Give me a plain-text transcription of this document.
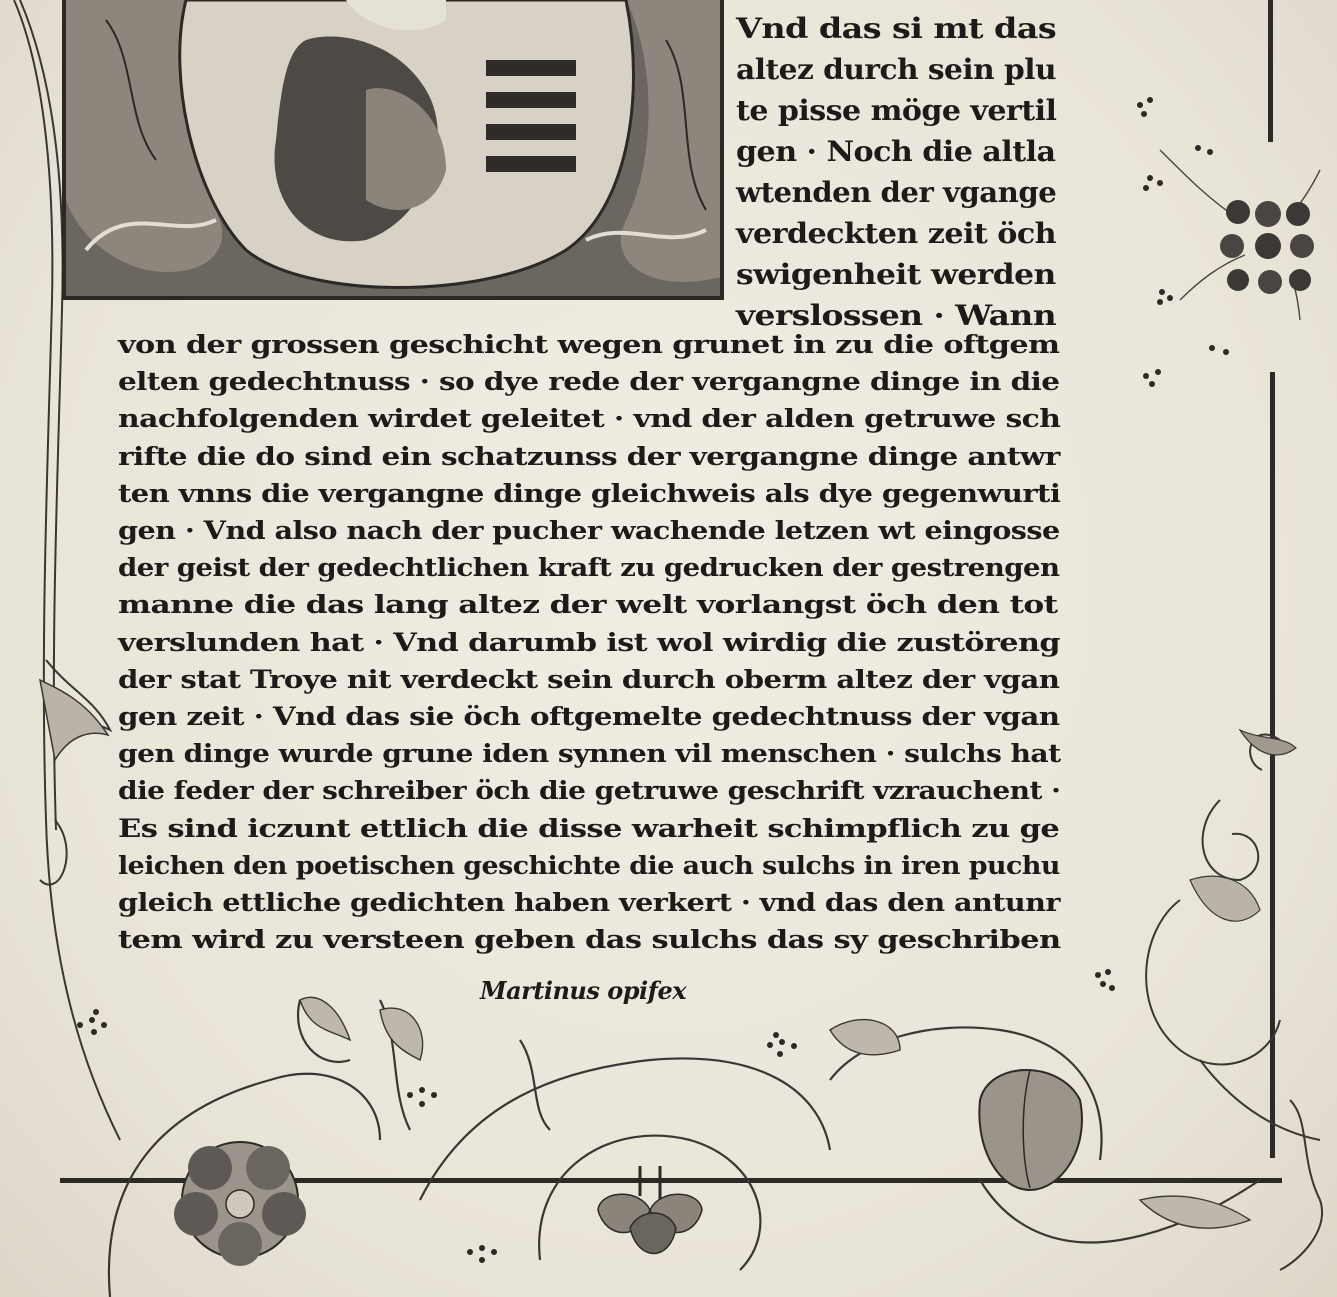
Vnd das si mt das
altez durch sein plu
te pisse möge vertil
gen · Noch die altla
wtenden der vgange
verdeckten zeit öch
swigenheit werden
verslossen · Wann
von der grossen geschicht wegen grunet in zu die oftgem
elten gedechtnuss · so dye rede der vergangne dinge in die
nachfolgenden wirdet geleitet · vnd der alden getruwe sch
rifte die do sind ein schatzunss der vergangne dinge antwr
ten vnns die vergangne dinge gleichweis als dye gegenwurti
gen · Vnd also nach der pucher wachende letzen wt eingosse
der geist der gedechtlichen kraft zu gedrucken der gestrengen
manne die das lang altez der welt vorlangst öch den tot
verslunden hat · Vnd darumb ist wol wirdig die zustöreng
der stat Troye nit verdeckt sein durch oberm altez der vgan
gen zeit · Vnd das sie öch oftgemelte gedechtnuss der vgan
gen dinge wurde grune iden synnen vil menschen · sulchs hat
die feder der schreiber öch die getruwe geschrift vzrauchent ·
Es sind iczunt ettlich die disse warheit schimpflich zu ge
leichen den poetischen geschichte die auch sulchs in iren puchu
gleich ettliche gedichten haben verkert · vnd das den antunr
tem wird zu versteen geben das sulchs das sy geschriben
Martinus opifex
